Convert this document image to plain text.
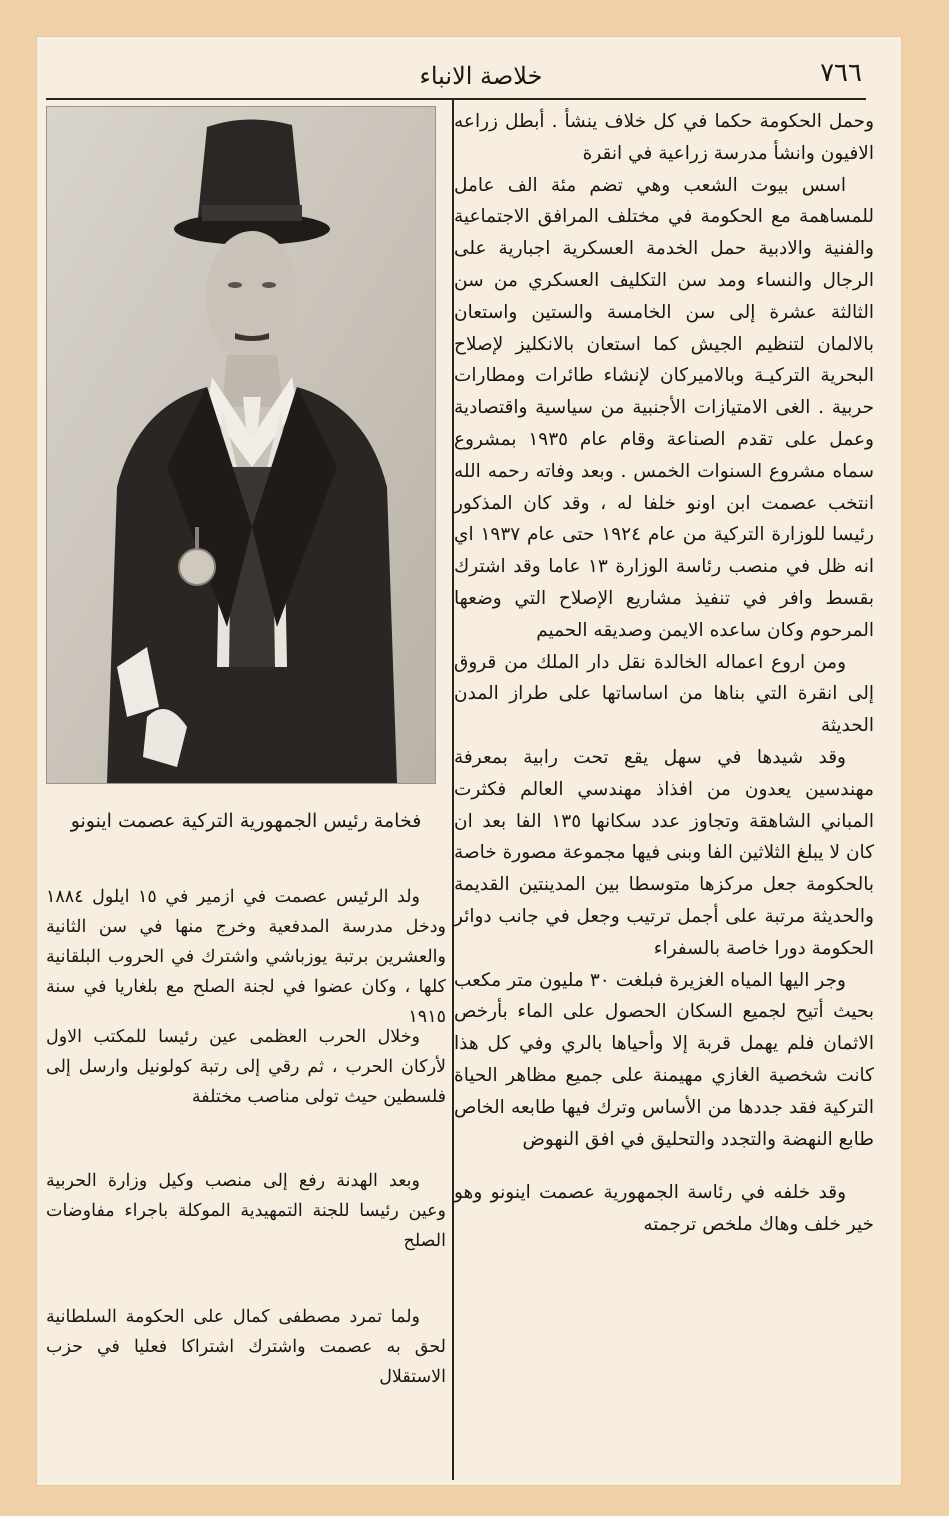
٧٦٦
خلاصة الانباء

وحمل الحكومة حكما في كل خلاف ينشأ . أبطل زراعه الافيون وانشأ مدرسة زراعية في انقرة

اسس بيوت الشعب وهي تضم مئة الف عامل للمساهمة مع الحكومة في مختلف المرافق الاجتماعية والفنية والادبية حمل الخدمة العسكرية اجبارية على الرجال والنساء ومد سن التكليف العسكري من سن الثالثة عشرة إلى سن الخامسة والستين واستعان بالالمان لتنظيم الجيش كما استعان بالانكليز لإصلاح البحرية التركيـة وبالاميركان لإنشاء طائرات ومطارات حربية . الغى الامتيازات الأجنبية من سياسية واقتصادية وعمل على تقدم الصناعة وقام عام ١٩٣٥ بمشروع سماه مشروع السنوات الخمس . وبعد وفاته رحمه الله انتخب عصمت ابن اونو خلفا له ، وقد كان المذكور رئيسا للوزارة التركية من عام ١٩٢٤ حتى عام ١٩٣٧ اي انه ظل في منصب رئاسة الوزارة ١٣ عاما وقد اشترك بقسط وافر في تنفيذ مشاريع الإصلاح التي وضعها المرحوم وكان ساعده الايمن وصديقه الحميم

ومن اروع اعماله الخالدة نقل دار الملك من قروق إلى انقرة التي بناها من اساساتها على طراز المدن الحديثة

وقد شيدها في سهل يقع تحت رابية بمعرفة مهندسين يعدون من افذاذ مهندسي العالم فكثرت المباني الشاهقة وتجاوز عدد سكانها ١٣٥ الفا بعد ان كان لا يبلغ الثلاثين الفا وبنى فيها مجموعة مصورة خاصة بالحكومة جعل مركزها متوسطا بين المدينتين القديمة والحديثة مرتبة على أجمل ترتيب وجعل في جانب دوائر الحكومة دورا خاصة بالسفراء

وجر اليها المياه الغزيرة فبلغت ٣٠ مليون متر مكعب بحيث أتيح لجميع السكان الحصول على الماء بأرخص الاثمان فلم يهمل قربة إلا وأحياها بالري وفي كل هذا كانت شخصية الغازي مهيمنة على جميع مظاهر الحياة التركية فقد جددها من الأساس وترك فيها طابعه الخاص طابع النهضة والتجدد والتحليق في افق النهوض

وقد خلفه في رئاسة الجمهورية عصمت اينونو وهو خير خلف وهاك ملخص ترجمته

فخامة رئيس الجمهورية التركية عصمت اينونو

ولد الرئيس عصمت في ازمير في ١٥ ايلول ١٨٨٤ ودخل مدرسة المدفعية وخرج منها في سن الثانية والعشرين برتبة يوزباشي واشترك في الحروب البلقانية كلها ، وكان عضوا في لجنة الصلح مع بلغاريا في سنة ١٩١٥

وخلال الحرب العظمى عين رئيسا للمكتب الاول لأركان الحرب ، ثم رقي إلى رتبة كولونيل وارسل إلى فلسطين حيث تولى مناصب مختلفة

وبعد الهدنة رفع إلى منصب وكيل وزارة الحربية وعين رئيسا للجنة التمهيدية الموكلة باجراء مفاوضات الصلح

ولما تمرد مصطفى كمال على الحكومة السلطانية لحق به عصمت واشترك اشتراكا فعليا في حزب الاستقلال
